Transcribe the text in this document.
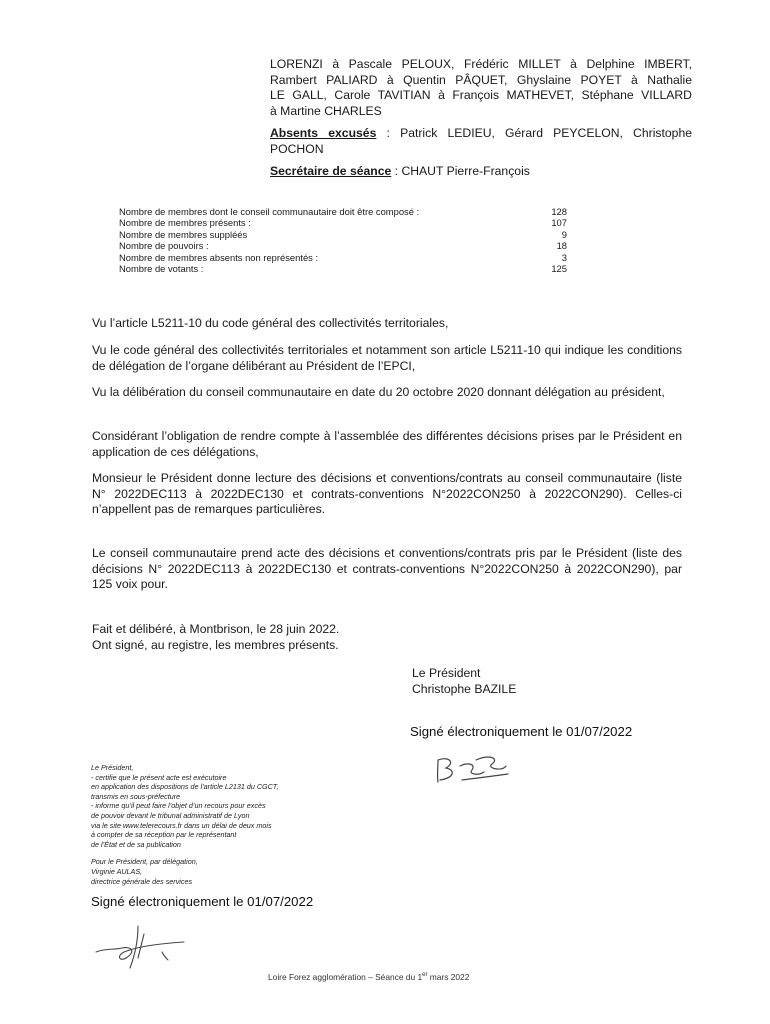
LORENZI à Pascale PELOUX, Frédéric MILLET à Delphine IMBERT,

Rambert PALIARD à Quentin PÂQUET, Ghyslaine POYET à Nathalie

LE GALL, Carole TAVITIAN à François MATHEVET, Stéphane VILLARD

à Martine CHARLES

Absents excusés : Patrick LEDIEU, Gérard PEYCELON, Christophe

POCHON

Secrétaire de séance : CHAUT Pierre-François

Nombre de membres dont le conseil communautaire doit être composé :	128
Nombre de membres présents :	107
Nombre de membres suppléés	9
Nombre de pouvoirs :	18
Nombre de membres absents non représentés :	3
Nombre de votants :	125

Vu l’article L5211-10 du code général des collectivités territoriales,

Vu le code général des collectivités territoriales et notamment son article L5211-10 qui indique les conditions de délégation de l’organe délibérant au Président de l’EPCI,

Vu la délibération du conseil communautaire en date du 20 octobre 2020 donnant délégation au président,

Considérant l’obligation de rendre compte à l’assemblée des différentes décisions prises par le Président en application de ces délégations,

Monsieur le Président donne lecture des décisions et conventions/contrats au conseil communautaire (liste N° 2022DEC113 à 2022DEC130 et contrats-conventions N°2022CON250 à 2022CON290). Celles-ci n’appellent pas de remarques particulières.

Le conseil communautaire prend acte des décisions et conventions/contrats pris par le Président (liste des décisions N° 2022DEC113 à 2022DEC130 et contrats-conventions N°2022CON250 à 2022CON290), par 125 voix pour.

Fait et délibéré, à Montbrison, le 28 juin 2022.

Ont signé, au registre, les membres présents.

Le Président

Christophe BAZILE

Signé électroniquement le 01/07/2022
Le Président,
- certifie que le présent acte est exécutoire
en application des dispositions de l’article L2131 du CGCT,
transmis en sous-préfecture
- informe qu’il peut faire l’objet d’un recours pour excès
de pouvoir devant le tribunal administratif de Lyon
via le site www.telerecours.fr dans un délai de deux mois
à compter de sa réception par le représentant
de l’État et de sa publication
Pour le Président, par délégation,
Virginie AULAS,
directrice générale des services
Signé électroniquement le 01/07/2022
Loire Forez agglomération – Séance du 1er mars 2022
